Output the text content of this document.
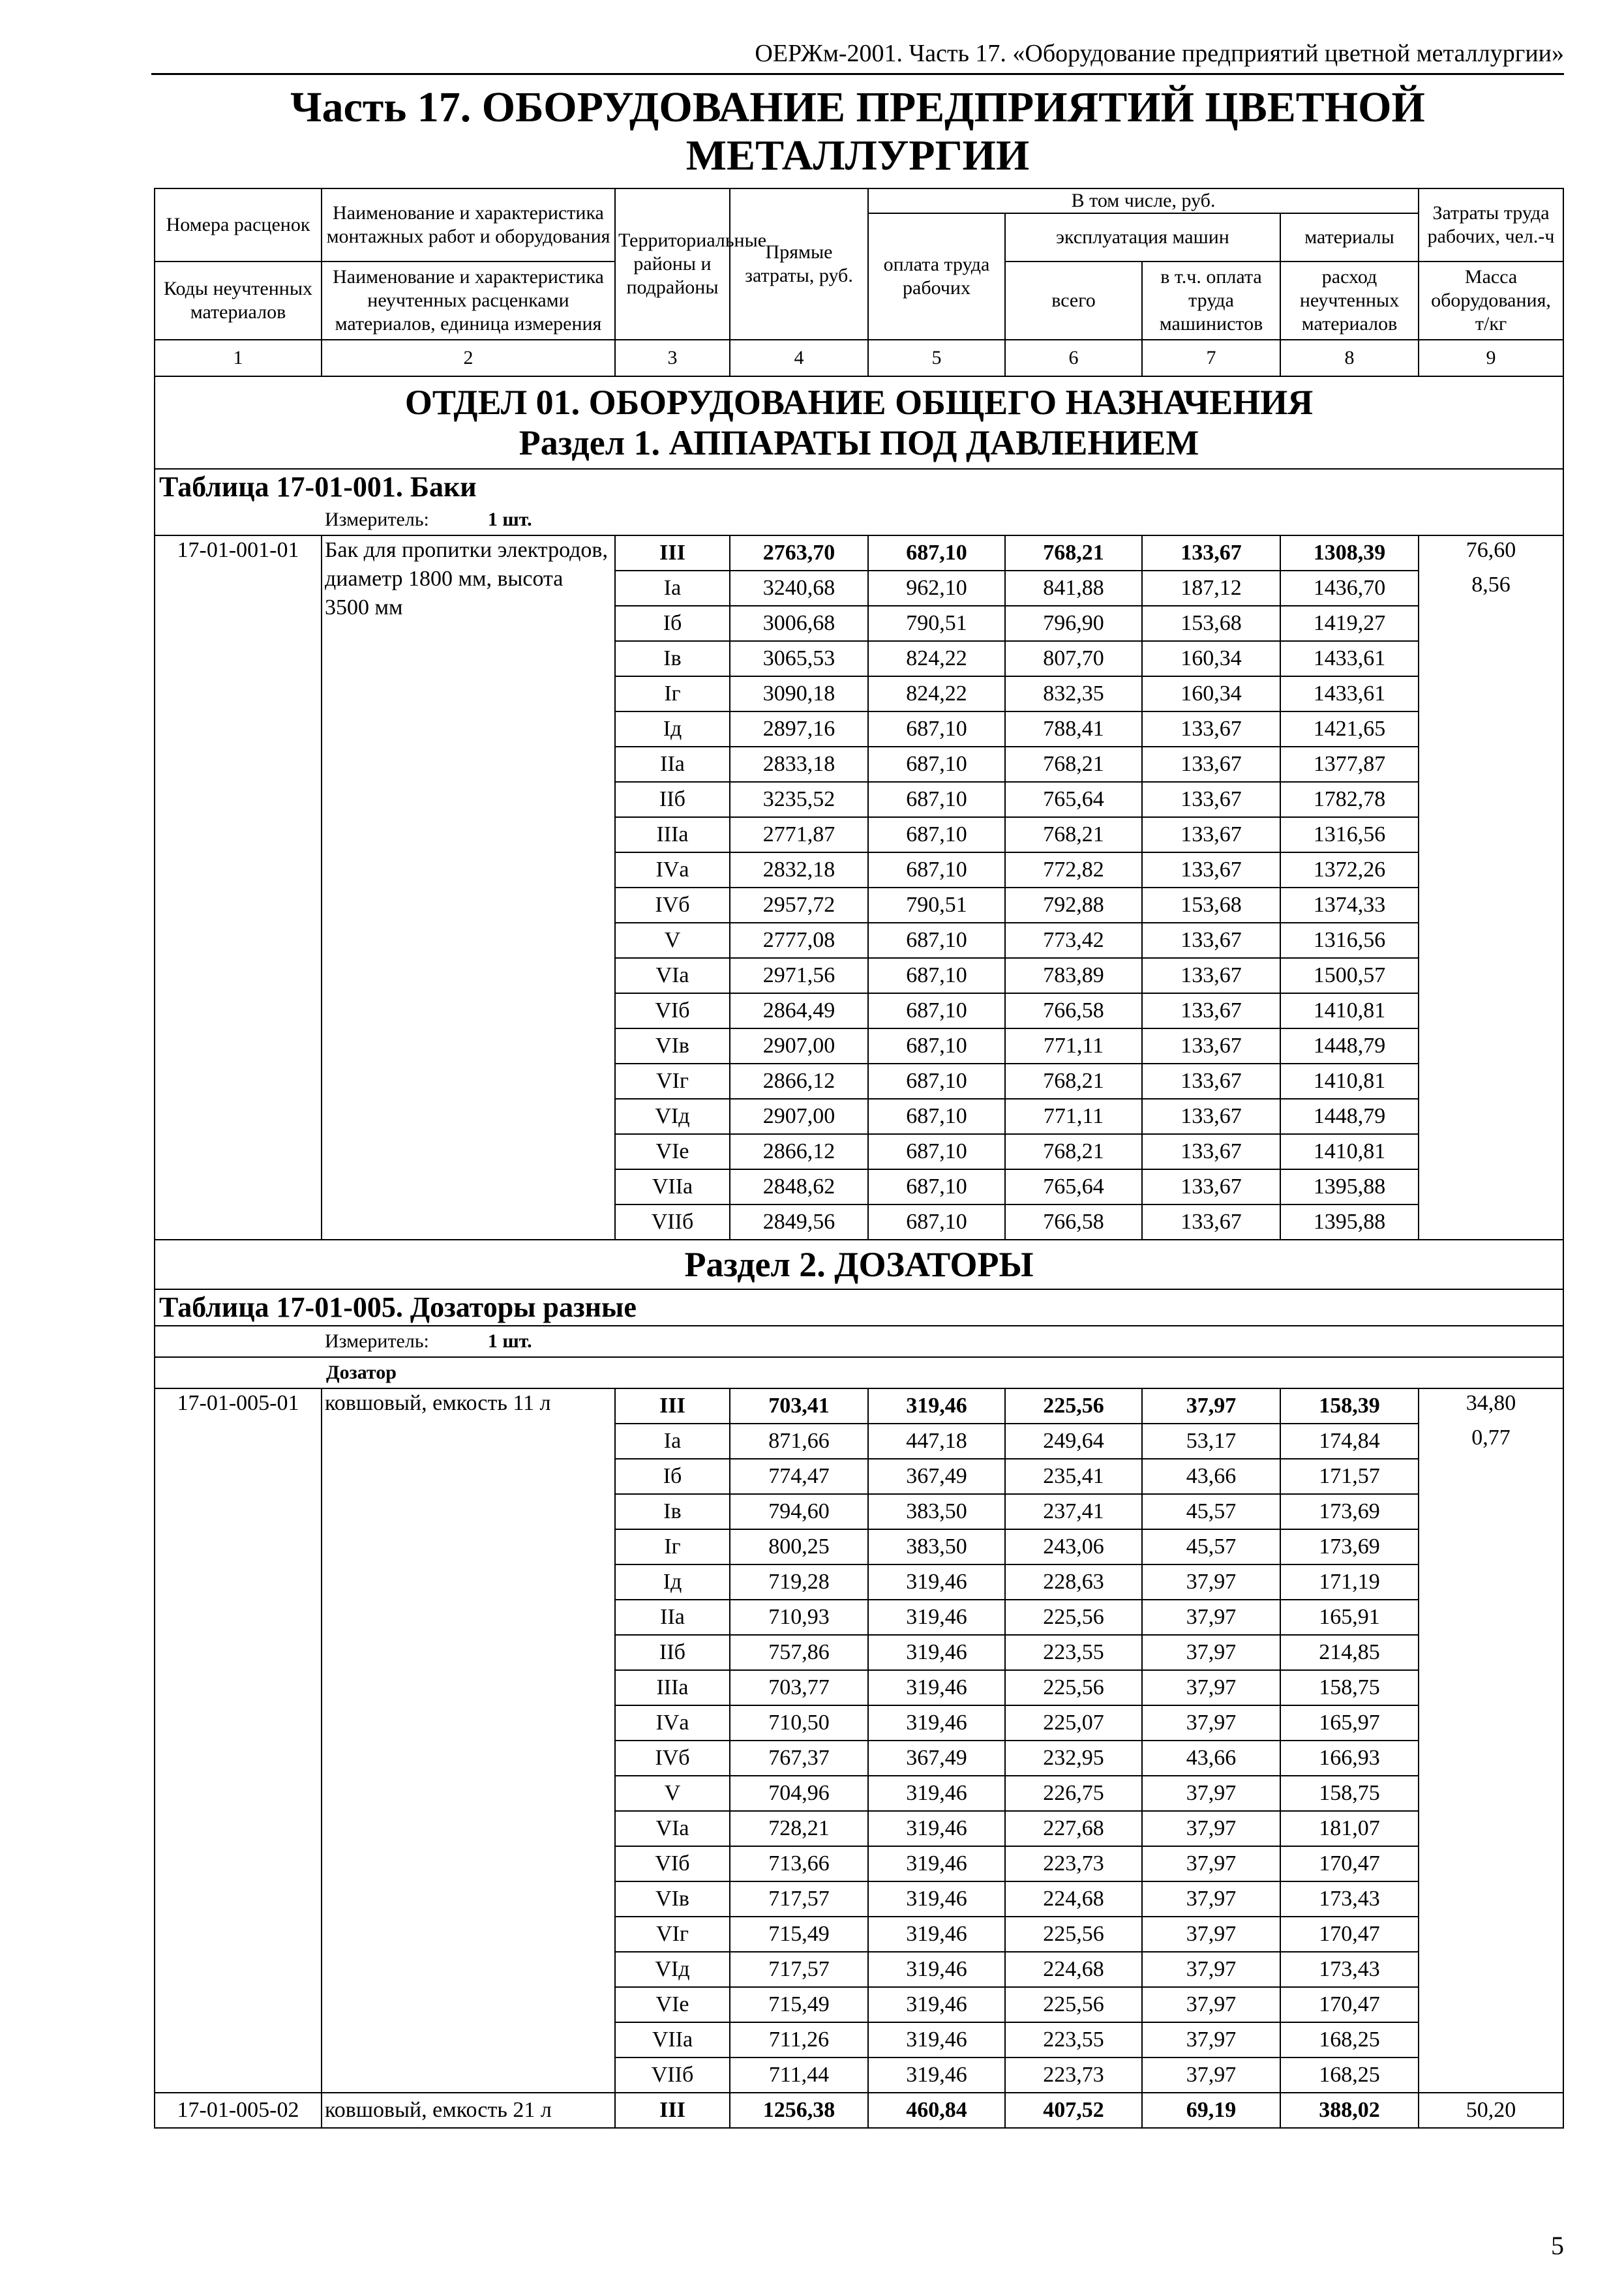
ОЕРЖм-2001. Часть 17. «Оборудование предприятий цветной металлургии»
Часть 17. ОБОРУДОВАНИЕ ПРЕДПРИЯТИЙ ЦВЕТНОЙ
МЕТАЛЛУРГИИ
Номера расценок	Наименование и характеристика монтажных работ и оборудования	Территориальные районы и подрайоны	Прямые затраты, руб.	В том числе, руб.				Затраты труда рабочих, чел.-ч
				оплата труда рабочих	эксплуатация машин		материалы	
Коды неучтенных материалов	Наименование и характеристика неучтенных расценками материалов, единица измерения				всего	в т.ч. оплата труда машинистов	расход неучтенных материалов	
								Масса оборудования, т/кг
1	2	3	4	5	6	7	8	9
ОТДЕЛ 01. ОБОРУДОВАНИЕ ОБЩЕГО НАЗНАЧЕНИЯ								
Раздел 1. АППАРАТЫ ПОД ДАВЛЕНИЕМ								
Таблица 17-01-001. Баки								
Измеритель: 1 шт.								
17-01-001-01	Бак для пропитки электродов, диаметр 1800 мм, высота 3500 мм	III	2763,70	687,10	768,21	133,67	1308,39	76,60
		Iа	3240,68	962,10	841,88	187,12	1436,70	8,56
		Iб	3006,68	790,51	796,90	153,68	1419,27	
		Iв	3065,53	824,22	807,70	160,34	1433,61	
		Iг	3090,18	824,22	832,35	160,34	1433,61	
		Iд	2897,16	687,10	788,41	133,67	1421,65	
		IIа	2833,18	687,10	768,21	133,67	1377,87	
		IIб	3235,52	687,10	765,64	133,67	1782,78	
		IIIа	2771,87	687,10	768,21	133,67	1316,56	
		IVа	2832,18	687,10	772,82	133,67	1372,26	
		IVб	2957,72	790,51	792,88	153,68	1374,33	
		V	2777,08	687,10	773,42	133,67	1316,56	
		VIа	2971,56	687,10	783,89	133,67	1500,57	
		VIб	2864,49	687,10	766,58	133,67	1410,81	
		VIв	2907,00	687,10	771,11	133,67	1448,79	
		VIг	2866,12	687,10	768,21	133,67	1410,81	
		VIд	2907,00	687,10	771,11	133,67	1448,79	
		VIе	2866,12	687,10	768,21	133,67	1410,81	
		VIIа	2848,62	687,10	765,64	133,67	1395,88	
		VIIб	2849,56	687,10	766,58	133,67	1395,88	
Раздел 2. ДОЗАТОРЫ								
Таблица 17-01-005. Дозаторы разные								
Измеритель: 1 шт.								
Дозатор								
17-01-005-01	ковшовый, емкость 11 л	III	703,41	319,46	225,56	37,97	158,39	34,80
		Iа	871,66	447,18	249,64	53,17	174,84	0,77
		Iб	774,47	367,49	235,41	43,66	171,57	
		Iв	794,60	383,50	237,41	45,57	173,69	
		Iг	800,25	383,50	243,06	45,57	173,69	
		Iд	719,28	319,46	228,63	37,97	171,19	
		IIа	710,93	319,46	225,56	37,97	165,91	
		IIб	757,86	319,46	223,55	37,97	214,85	
		IIIа	703,77	319,46	225,56	37,97	158,75	
		IVа	710,50	319,46	225,07	37,97	165,97	
		IVб	767,37	367,49	232,95	43,66	166,93	
		V	704,96	319,46	226,75	37,97	158,75	
		VIа	728,21	319,46	227,68	37,97	181,07	
		VIб	713,66	319,46	223,73	37,97	170,47	
		VIв	717,57	319,46	224,68	37,97	173,43	
		VIг	715,49	319,46	225,56	37,97	170,47	
		VIд	717,57	319,46	224,68	37,97	173,43	
		VIе	715,49	319,46	225,56	37,97	170,47	
		VIIа	711,26	319,46	223,55	37,97	168,25	
		VIIб	711,44	319,46	223,73	37,97	168,25	
17-01-005-02	ковшовый, емкость 21 л	III	1256,38	460,84	407,52	69,19	388,02	50,20
5
